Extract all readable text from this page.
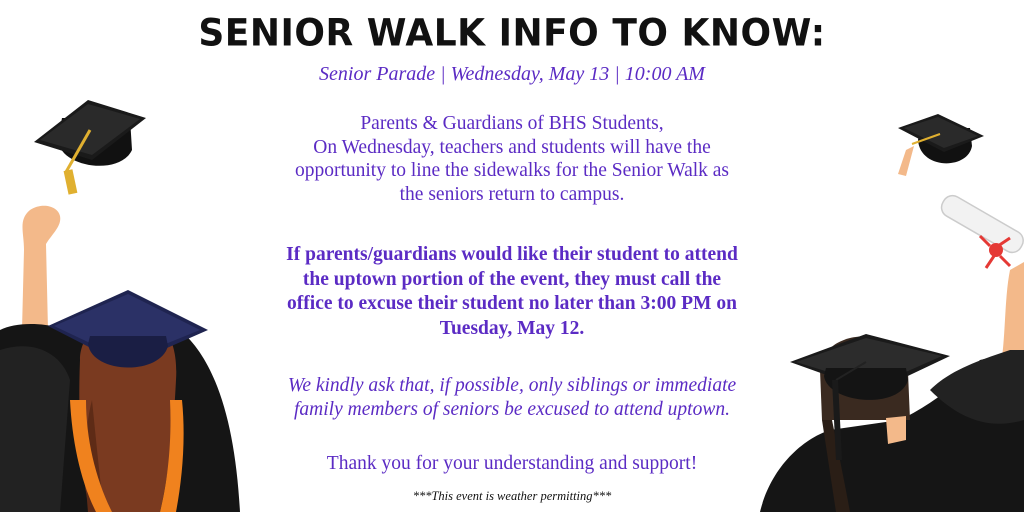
SENIOR WALK INFO TO KNOW:
Senior Parade | Wednesday, May 13 | 10:00 AM
Parents & Guardians of BHS Students,
On Wednesday, teachers and students will have the
opportunity to line the sidewalks for the Senior Walk as
the seniors return to campus.
If parents/guardians would like their student to attend
the uptown portion of the event, they must call the
office to excuse their student no later than 3:00 PM on
Tuesday, May 12.
We kindly ask that, if possible, only siblings or immediate
family members of seniors be excused to attend uptown.
Thank you for your understanding and support!
***This event is weather permitting***
